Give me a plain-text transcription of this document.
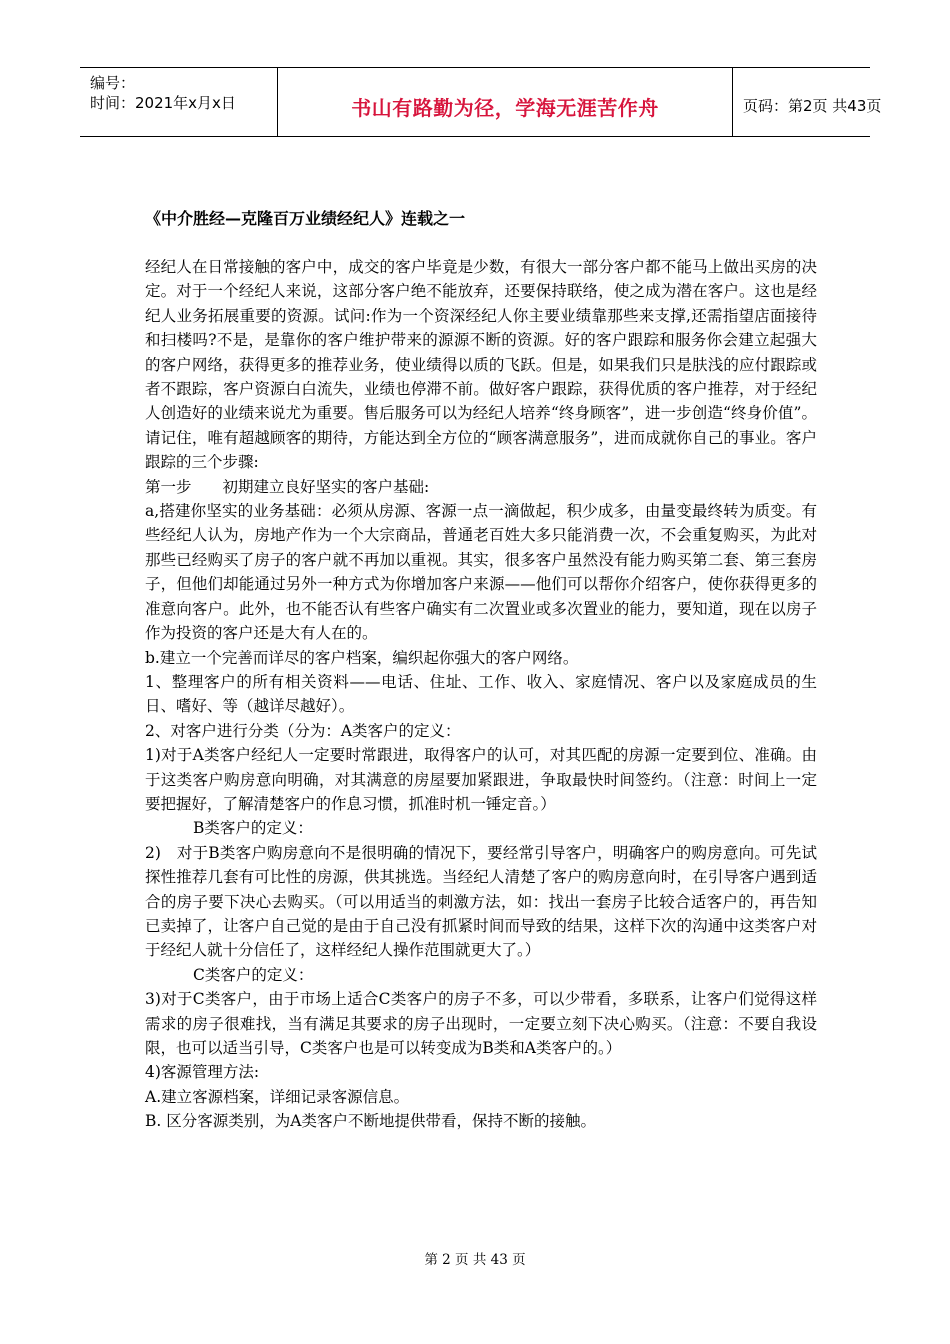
编号：
时间：2021年x月x日	书山有路勤为径，学海无涯苦作舟	页码：第2页 共43页
《中介胜经—克隆百万业绩经纪人》连载之一

经纪人在日常接触的客户中，成交的客户毕竟是少数，有很大一部分客户都不能马上做出买房的决定。对于一个经纪人来说，这部分客户绝不能放弃，还要保持联络，使之成为潜在客户。这也是经纪人业务拓展重要的资源。试问:作为一个资深经纪人你主要业绩靠那些来支撑,还需指望店面接待和扫楼吗?不是，是靠你的客户维护带来的源源不断的资源。好的客户跟踪和服务你会建立起强大的客户网络，获得更多的推荐业务，使业绩得以质的飞跃。但是，如果我们只是肤浅的应付跟踪或者不跟踪，客户资源白白流失，业绩也停滞不前。做好客户跟踪，获得优质的客户推荐，对于经纪人创造好的业绩来说尤为重要。售后服务可以为经纪人培养“终身顾客”，进一步创造“终身价值”。请记住，唯有超越顾客的期待，方能达到全方位的“顾客满意服务”，进而成就你自己的事业。客户跟踪的三个步骤:

第一步　　初期建立良好坚实的客户基础:

a,搭建你坚实的业务基础：必须从房源、客源一点一滴做起，积少成多，由量变最终转为质变。有些经纪人认为，房地产作为一个大宗商品，普通老百姓大多只能消费一次，不会重复购买，为此对那些已经购买了房子的客户就不再加以重视。其实，很多客户虽然没有能力购买第二套、第三套房子，但他们却能通过另外一种方式为你增加客户来源——他们可以帮你介绍客户，使你获得更多的准意向客户。此外，也不能否认有些客户确实有二次置业或多次置业的能力，要知道，现在以房子作为投资的客户还是大有人在的。

b.建立一个完善而详尽的客户档案，编织起你强大的客户网络。

1、整理客户的所有相关资料——电话、住址、工作、收入、家庭情况、客户以及家庭成员的生日、嗜好、等（越详尽越好）。

2、对客户进行分类（分为：A类客户的定义：

1)对于A类客户经纪人一定要时常跟进，取得客户的认可，对其匹配的房源一定要到位、准确。由于这类客户购房意向明确，对其满意的房屋要加紧跟进，争取最快时间签约。（注意：时间上一定要把握好，了解清楚客户的作息习惯，抓准时机一锤定音。）

B类客户的定义：

2)　对于B类客户购房意向不是很明确的情况下，要经常引导客户，明确客户的购房意向。可先试探性推荐几套有可比性的房源，供其挑选。当经纪人清楚了客户的购房意向时，在引导客户遇到适合的房子要下决心去购买。（可以用适当的刺激方法，如：找出一套房子比较合适客户的，再告知已卖掉了，让客户自己觉的是由于自己没有抓紧时间而导致的结果，这样下次的沟通中这类客户对于经纪人就十分信任了，这样经纪人操作范围就更大了。）

C类客户的定义：

3)对于C类客户，由于市场上适合C类客户的房子不多，可以少带看，多联系，让客户们觉得这样需求的房子很难找，当有满足其要求的房子出现时，一定要立刻下决心购买。（注意：不要自我设限，也可以适当引导，C类客户也是可以转变成为B类和A类客户的。）

4)客源管理方法:

A.建立客源档案，详细记录客源信息。

B. 区分客源类别，为A类客户不断地提供带看，保持不断的接触。

第 2 页 共 43 页
